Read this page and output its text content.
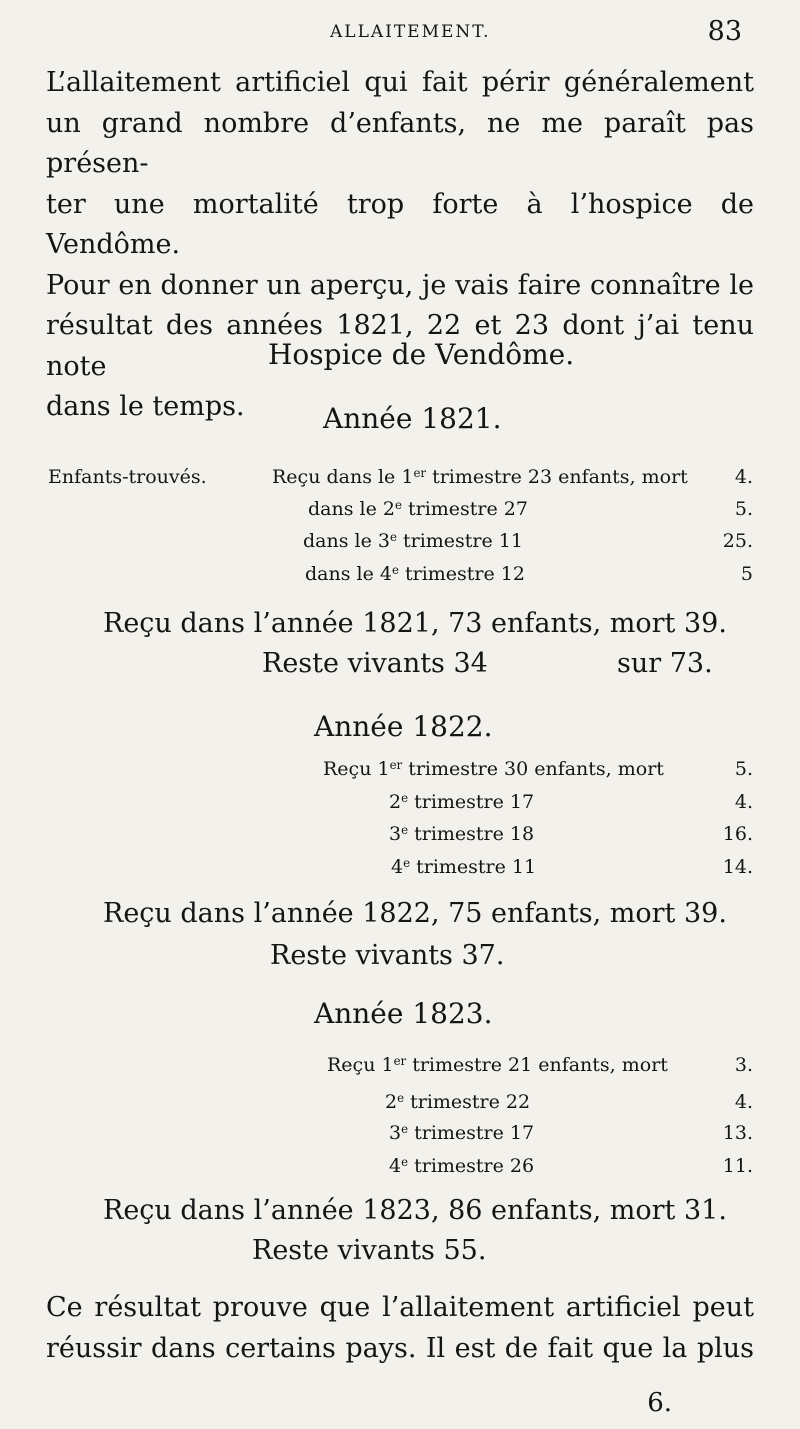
ALLAITEMENT.	83
L’allaitement artificiel qui fait périr généralement
un grand nombre d’enfants, ne me paraît pas présen-
ter une mortalité trop forte à l’hospice de Vendôme.
Pour en donner un aperçu, je vais faire connaître le
résultat des années 1821, 22 et 23 dont j’ai tenu note
dans le temps.
Hospice de Vendôme.
Année 1821.
Enfants-trouvés.	Reçu dans le 1er trimestre 23 enfants, mort 4.
dans le 2e trimestre 27	5.
dans le 3e trimestre 11	25.
dans le 4e trimestre 12	5
Reçu dans l’année 1821, 73 enfants, mort 39.
Reste vivants 34	sur 73.
Année 1822.
Reçu 1er trimestre 30 enfants, mort	5.
2e trimestre 17	4.
3e trimestre 18	16.
4e trimestre 11	14.
Reçu dans l’année 1822, 75 enfants, mort 39.
Reste vivants 37.
Année 1823.
Reçu 1er trimestre 21 enfants, mort	3.
2e trimestre 22	4.
3e trimestre 17	13.
4e trimestre 26	11.
Reçu dans l’année 1823, 86 enfants, mort 31.
Reste vivants 55.
Ce résultat prouve que l’allaitement artificiel peut
réussir dans certains pays. Il est de fait que la plus
6.
